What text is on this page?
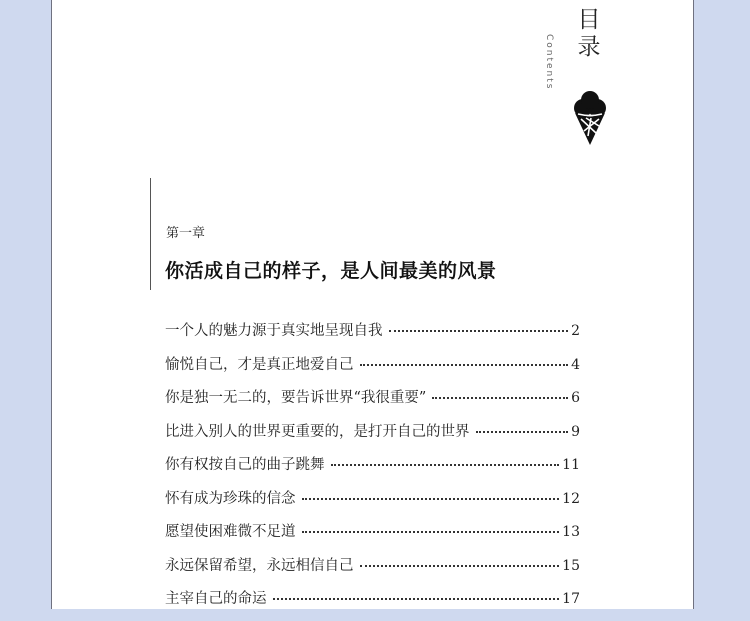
目
录
Contents
第一章
你活成自己的样子，是人间最美的风景
一个人的魅力源于真实地呈现自我	2
愉悦自己，才是真正地爱自己	4
你是独一无二的，要告诉世界“我很重要”	6
比进入别人的世界更重要的，是打开自己的世界	9
你有权按自己的曲子跳舞	11
怀有成为珍珠的信念	12
愿望使困难微不足道	13
永远保留希望，永远相信自己	15
主宰自己的命运	17
